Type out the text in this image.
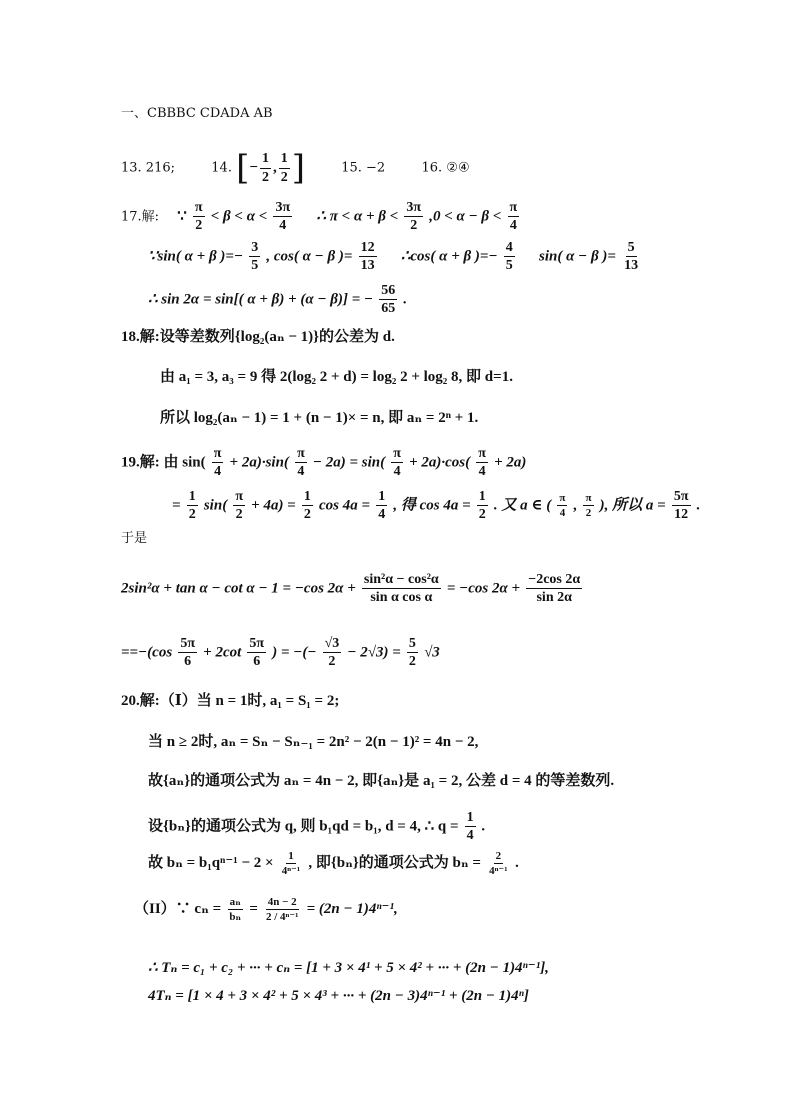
一、CBBBC CDADA AB
13. 216;	14. [− $\frac{1}{2}$ , $\frac{1}{2}$ ]	15. −2	16. ②④
17.解: ∵ $\frac{\pi}{2} < \beta < \alpha < \frac{3\pi}{4}$ ∴ $\pi < \alpha + \beta < \frac{3\pi}{2} ,0 < \alpha - \beta < \frac{\pi}{4}$
∵sin( α + β )=− $\frac{3}{5}$ , cos( α − β )= $\frac{12}{13}$ ∴cos( α + β )=− $\frac{4}{5} \sin$( α − β )= $\frac{5}{13}$
∴ sin 2α = sin[( α + β) + (α − β)] = − $\frac{56}{65}$ .
18.解:设等差数列{log₂(aₙ − 1)}的公差为 d.
由 a₁ = 3, a₃ = 9 得 2(log₂ 2 + d) = log₂ 2 + log₂ 8, 即 d=1.
所以 log₂(aₙ − 1) = 1 + (n − 1)× = n, 即 aₙ = 2ⁿ + 1.
19.解: 由 $\sin( \frac{\pi}{4} + 2a)\cdot\sin( \frac{\pi}{4} - 2a) = \sin( \frac{\pi}{4} + 2a)\cdot\cos( \frac{\pi}{4} + 2a)$
= $\frac{1}{2} \sin( \frac{\pi}{2} + 4a) = \frac{1}{2}$ $\cos 4a = \frac{1}{4}$ , 得 $\cos 4a = \frac{1}{2}$ . 又 a ∈ ( $\frac{\pi}{4}$ , $\frac{\pi}{2}$ ), 所以 $a = \frac{5\pi}{12}$ .
于是
2sin²α + tan α − cot α − 1 = −cos $2\alpha + \frac{\text{sin²α − cos²α}}{\text{sin α cos α}} = -\cos$ $2\alpha + \frac{-2\cos 2\alpha}{\sin 2\alpha}$
$==-(\cos \frac{5\pi}{6} + 2\cot \frac{5\pi}{6}$ ) = −(− $\frac{√3}{2} - 2√3) = \frac{5}{2} √3$
20.解:（Ⅰ）当 n = 1时, a₁ = S₁ = 2;
当 n ≥ 2时, aₙ = Sₙ − Sₙ₋₁ = 2n² − 2(n − 1)² = 4n − 2,
故{aₙ}的通项公式为 aₙ = 4n − 2, 即{aₙ}是 a₁ = 2, 公差 d = 4 的等差数列.
设{bₙ}的通项公式为 q, 则 b₁qd = b₁, d = 4, ∴ $q = \frac{1}{4}$ .
故 $b_n = b_1q^{n-1} - 2 \times \frac{1}{\text{4ⁿ⁻¹}}$ , 即{bₙ}的通项公式为 $b_n = \frac{2}{\text{4ⁿ⁻¹}}$ .
（II）∵ $c_n = \frac{\text{aₙ}}{\text{bₙ}} = \frac{4n - 2}{\text{2 / 4ⁿ⁻¹}} = (2n - 1)4^{n-1}$,
∴ Tₙ = c₁ + c₂ + ··· + cₙ = [1 + 3 × 4¹ + 5 × 4² + ··· + (2n − 1)4ⁿ⁻¹],
4Tₙ = [1 × 4 + 3 × 4² + 5 × 4³ + ··· + (2n − 3)4ⁿ⁻¹ + (2n − 1)4ⁿ]
